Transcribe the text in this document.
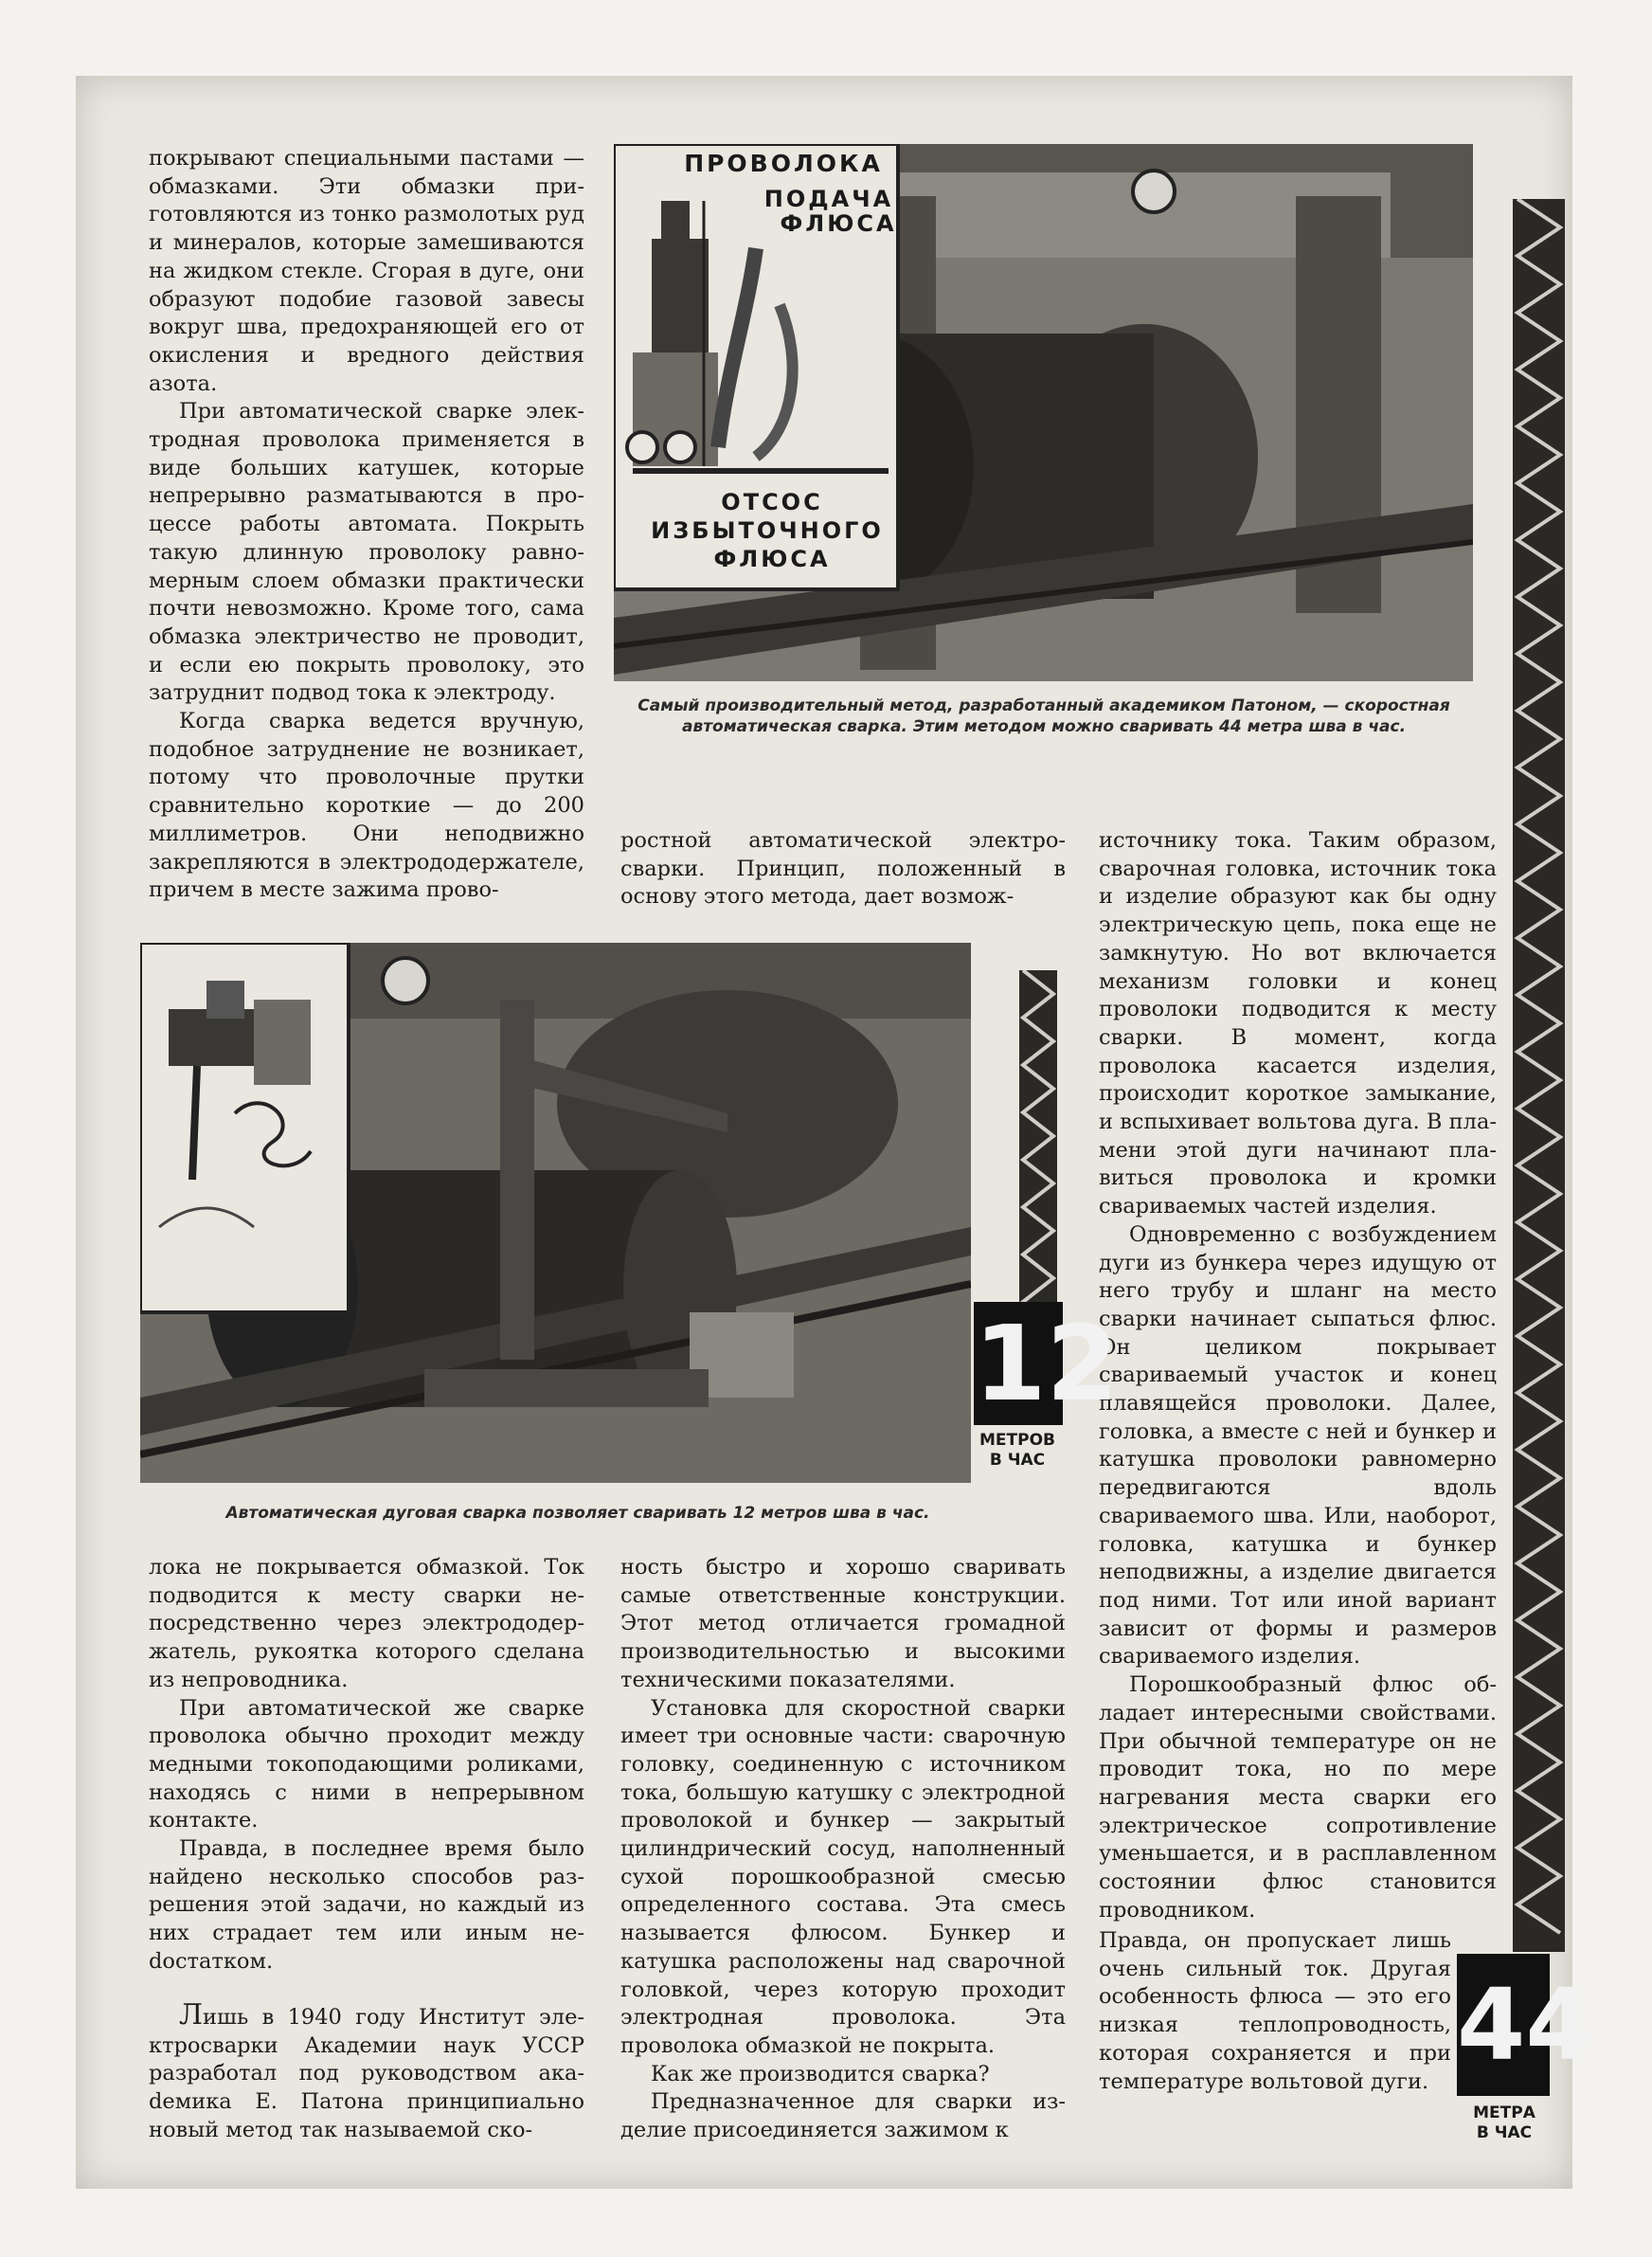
покрывают специальными пастами — обмазками. Эти обмазки приготовляются из тонко размолотых руд и минералов, которые замешиваются на жидком стекле. Сгорая в дуге, они образуют подобие газовой завесы вокруг шва, предохраняющей его от окисления и вредного действия азота.

При автоматической сварке электродная проволока применяется в виде больших катушек, которые непрерывно разматываются в процессе работы автомата. Покрыть такую длинную проволоку равномерным слоем обмазки практически почти невозможно. Кроме того, сама обмазка электричество не проводит, и если ею покрыть проволоку, это затруднит подвод тока к электроду.

Когда сварка ведется вручную, подобное затруднение не возникает, потому что проволочные прутки сравнительно короткие — до 200 миллиметров. Они неподвижно закрепляются в электрододержателе, причем в месте зажима прово-

ПРОВОЛОКА
ПОДАЧА
ФЛЮСА
ОТСОС
ИЗБЫТОЧНОГО
ФЛЮСА
Самый производительный метод, разработанный академиком Патоном, — скоростная автоматическая сварка. Этим методом можно сваривать 44 метра шва в час.

ростной автоматической электросварки. Принцип, положенный в основу этого метода, дает возмож-

источнику тока. Таким образом, сварочная головка, источник тока и изделие образуют как бы одну электрическую цепь, пока еще не замкнутую. Но вот включается механизм головки и конец проволоки подводится к месту сварки. В момент, когда проволока касается изделия, происходит короткое замыкание, и вспыхивает вольтова дуга. В пламени этой дуги начинают плавиться проволока и кромки свариваемых частей изделия.

Одновременно с возбуждением дуги из бункера через идущую от него трубу и шланг на место сварки начинает сыпаться флюс. Он целиком покрывает свариваемый участок и конец плавящейся проволоки. Далее, головка, а вместе с ней и бункер и катушка проволоки равномерно передвигаются вдоль свариваемого шва. Или, наоборот, головка, катушка и бункер неподвижны, а изделие двигается под ними. Тот или иной вариант зависит от формы и размеров свариваемого изделия.

Порошкообразный флюс обладает интересными свойствами. При обычной температуре он не проводит тока, но по мере нагревания места сварки его электрическое сопротивление уменьшается, и в расплавленном состоянии флюс становится проводником.

Правда, он пропускает лишь очень сильный ток. Другая особенность флюса — это его низкая теплопроводность, которая сохраняется и при температуре вольтовой дуги.

12
МЕТРОВ
В ЧАС
Автоматическая дуговая сварка позволяет сваривать 12 метров шва в час.

лока не покрывается обмазкой. Ток подводится к месту сварки непосредственно через электрододержатель, рукоятка которого сделана из непроводника.

При автоматической же сварке проволока обычно проходит между медными токоподающими роликами, находясь с ними в непрерывном контакте.

Правда, в последнее время было найдено несколько способов разрешения этой задачи, но каждый из них страдает тем или иным неdостатком.

Лишь в 1940 году Институт электросварки Академии наук УССР разработал под руководством акаdемика Е. Патона принципиально новый метод так называемой ско-

ность быстро и хорошо сваривать самые ответственные конструкции. Этот метод отличается громадной производительностью и высокими техническими показателями.

Установка для скоростной сварки имеет три основные части: сварочную головку, соединенную с источником тока, большую катушку с электродной проволокой и бункер — закрытый цилиндрический сосуд, наполненный сухой порошкообразной смесью определенного состава. Эта смесь называется флюсом. Бункер и катушка расположены над сварочной головкой, через которую проходит электродная проволока. Эта проволока обмазкой не покрыта.

Как же производится сварка?

Предназначенное для сварки изделие присоединяется зажимом к

44
МЕТРА
В ЧАС
